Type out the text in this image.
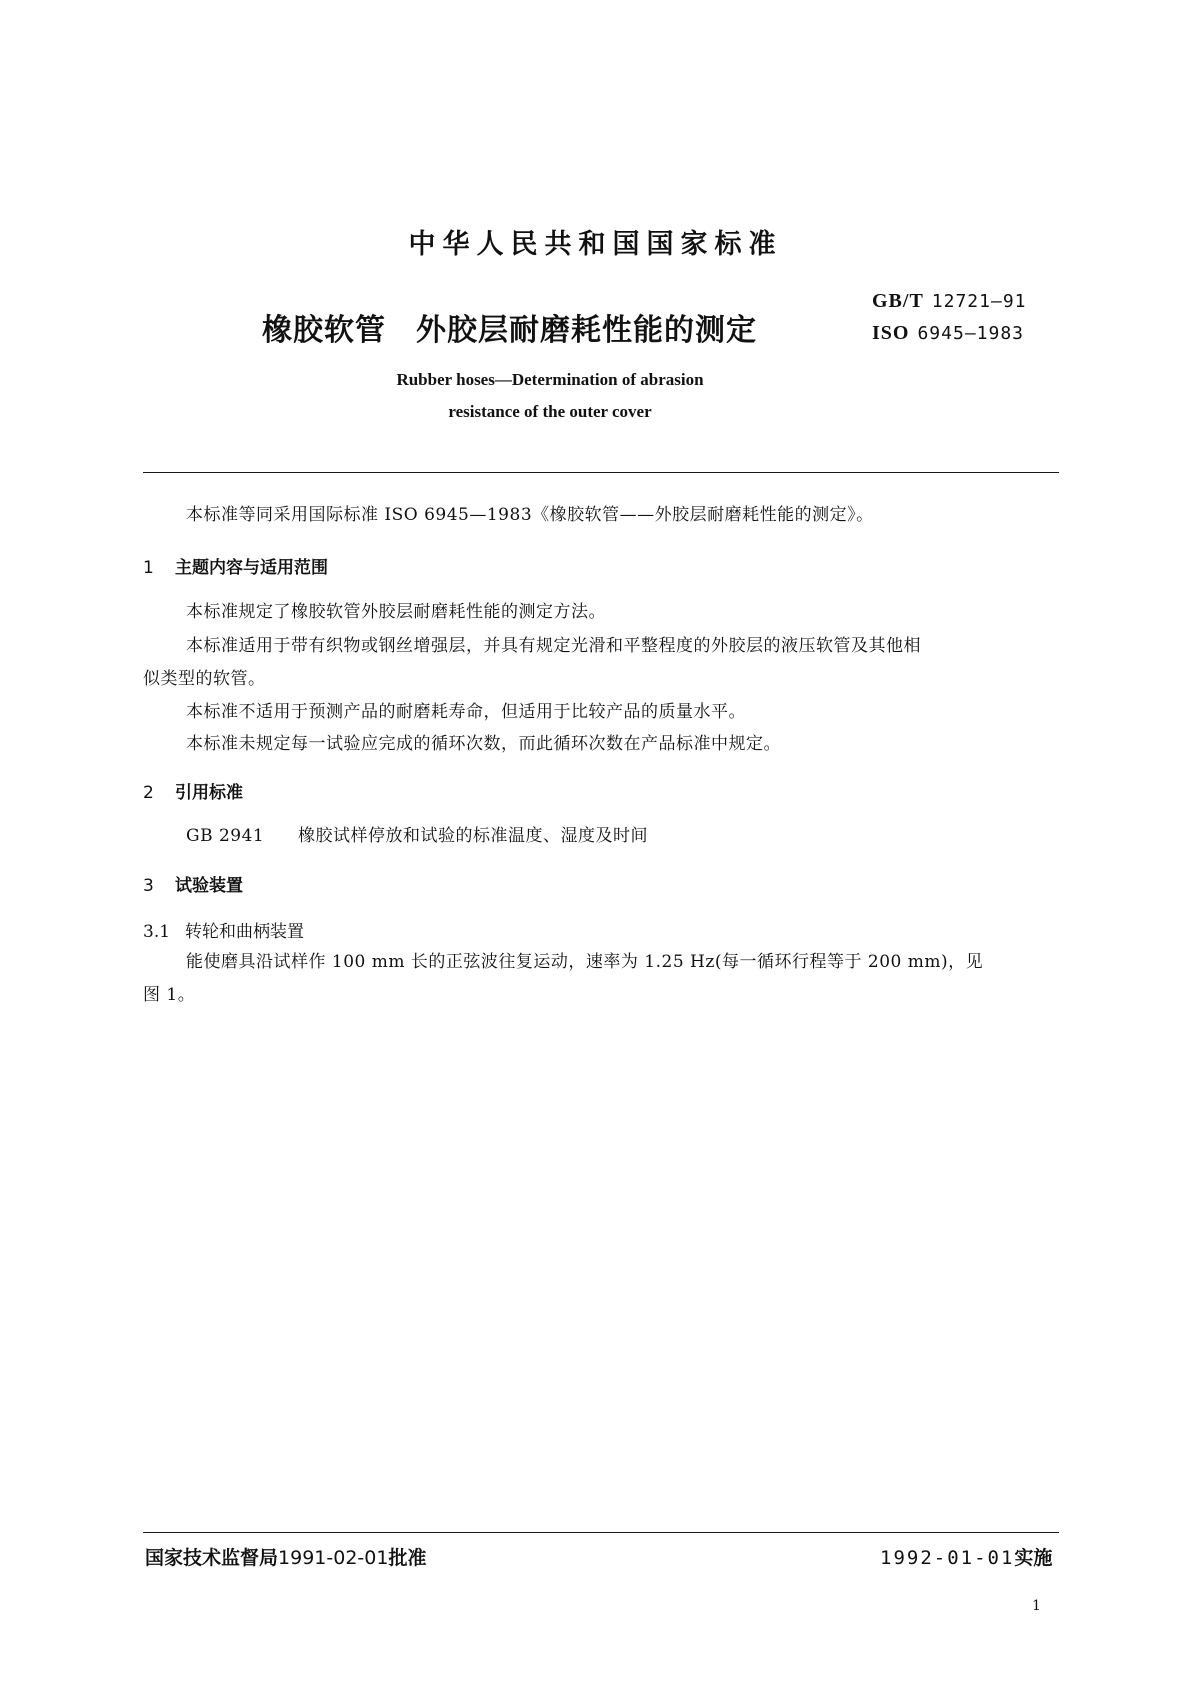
中华人民共和国国家标准
橡胶软管 外胶层耐磨耗性能的测定
GB/T 12721—91
ISO 6945—1983
Rubber hoses—Determination of abrasion
resistance of the outer cover
本标准等同采用国际标准 ISO 6945—1983《橡胶软管——外胶层耐磨耗性能的测定》。
1 主题内容与适用范围
本标准规定了橡胶软管外胶层耐磨耗性能的测定方法。
本标准适用于带有织物或钢丝增强层，并具有规定光滑和平整程度的外胶层的液压软管及其他相
似类型的软管。
本标准不适用于预测产品的耐磨耗寿命，但适用于比较产品的质量水平。
本标准未规定每一试验应完成的循环次数，而此循环次数在产品标准中规定。
2 引用标准
GB 2941 橡胶试样停放和试验的标准温度、湿度及时间
3 试验装置
3.1 转轮和曲柄装置
能使磨具沿试样作 100 mm 长的正弦波往复运动，速率为 1.25 Hz(每一循环行程等于 200 mm)，见
图 1。
国家技术监督局1991-02-01批准	1992-01-01实施
1
